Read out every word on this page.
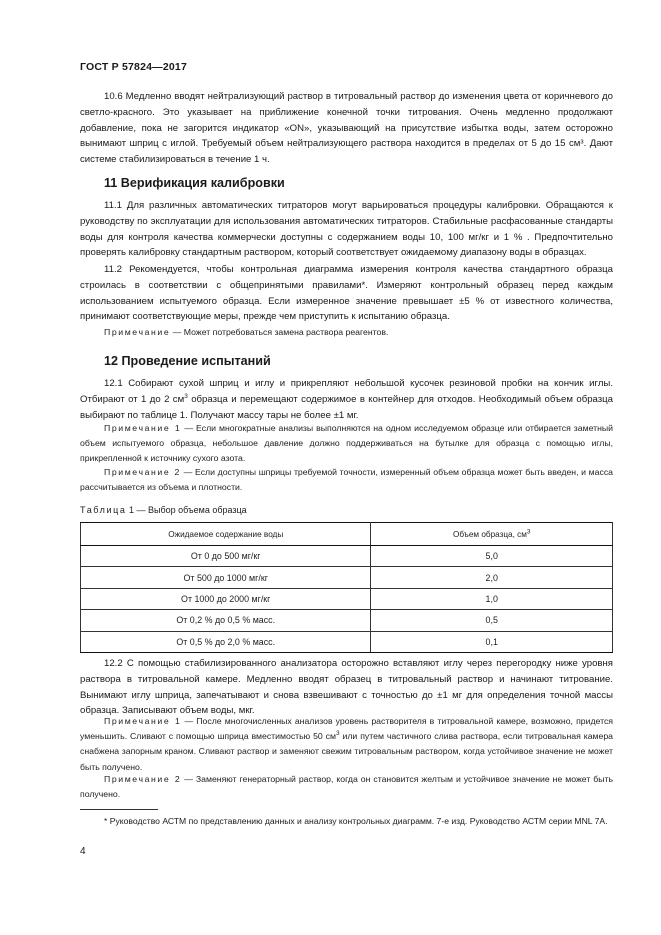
ГОСТ Р 57824—2017

10.6 Медленно вводят нейтрализующий раствор в титровальный раствор до изменения цвета от коричневого до светло-красного. Это указывает на приближение конечной точки титрования. Очень медленно продолжают добавление, пока не загорится индикатор «ON», указывающий на присутствие избытка воды, затем осторожно вынимают шприц с иглой. Требуемый объем нейтрализующего раствора находится в пределах от 5 до 15 см³. Дают системе стабилизироваться в течение 1 ч.

11 Верификация калибровки

11.1 Для различных автоматических титраторов могут варьироваться процедуры калибровки. Обращаются к руководству по эксплуатации для использования автоматических титраторов. Стабильные расфасованные стандарты воды для контроля качества коммерчески доступны с содержанием воды 10, 100 мг/кг и 1 % . Предпочтительно проверять калибровку стандартным раствором, который соответствует ожидаемому диапазону воды в образцах.

11.2 Рекомендуется, чтобы контрольная диаграмма измерения контроля качества стандартного образца строилась в соответствии с общепринятыми правилами*. Измеряют контрольный образец перед каждым использованием испытуемого образца. Если измеренное значение превышает ±5 % от известного количества, принимают соответствующие меры, прежде чем приступить к испытанию образца.

Примечание — Может потребоваться замена раствора реагентов.

12 Проведение испытаний

12.1 Собирают сухой шприц и иглу и прикрепляют небольшой кусочек резиновой пробки на кончик иглы. Отбирают от 1 до 2 $см^3$ образца и перемещают содержимое в контейнер для отходов. Необходимый объем образца выбирают по таблице 1. Получают массу тары не более ±1 мг.

Примечание 1 — Если многократные анализы выполняются на одном исследуемом образце или отбирается заметный объем испытуемого образца, небольшое давление должно поддерживаться на бутылке для образца с помощью иглы, прикрепленной к источнику сухого азота.

Примечание 2 — Если доступны шприцы требуемой точности, измеренный объем образца может быть введен, и масса рассчитывается из объема и плотности.

Таблица 1 — Выбор объема образца
Ожидаемое содержание воды	Объем образца, $см^3$
От 0 до 500 мг/кг	5,0
От 500 до 1000 мг/кг	2,0
От 1000 до 2000 мг/кг	1,0
От 0,2 % до 0,5 % масс.	0,5
От 0,5 % до 2,0 % масс.	0,1

12.2 С помощью стабилизированного анализатора осторожно вставляют иглу через перегородку ниже уровня раствора в титровальной камере. Медленно вводят образец в титровальный раствор и начинают титрование. Вынимают иглу шприца, запечатывают и снова взвешивают с точностью до ±1 мг для определения точной массы образца. Записывают объем воды, мкг.

Примечание 1 — После многочисленных анализов уровень растворителя в титровальной камере, возможно, придется уменьшить. Сливают с помощью шприца вместимостью 50 $см^3$ или путем частичного слива раствора, если титровальная камера снабжена запорным краном. Сливают раствор и заменяют свежим титровальным раствором, когда устойчивое значение не может быть получено.

Примечание 2 — Заменяют генераторный раствор, когда он становится желтым и устойчивое значение не может быть получено.

* Руководство АСТМ по представлению данных и анализу контрольных диаграмм. 7-е изд. Руководство АСТМ серии MNL 7A.

4
